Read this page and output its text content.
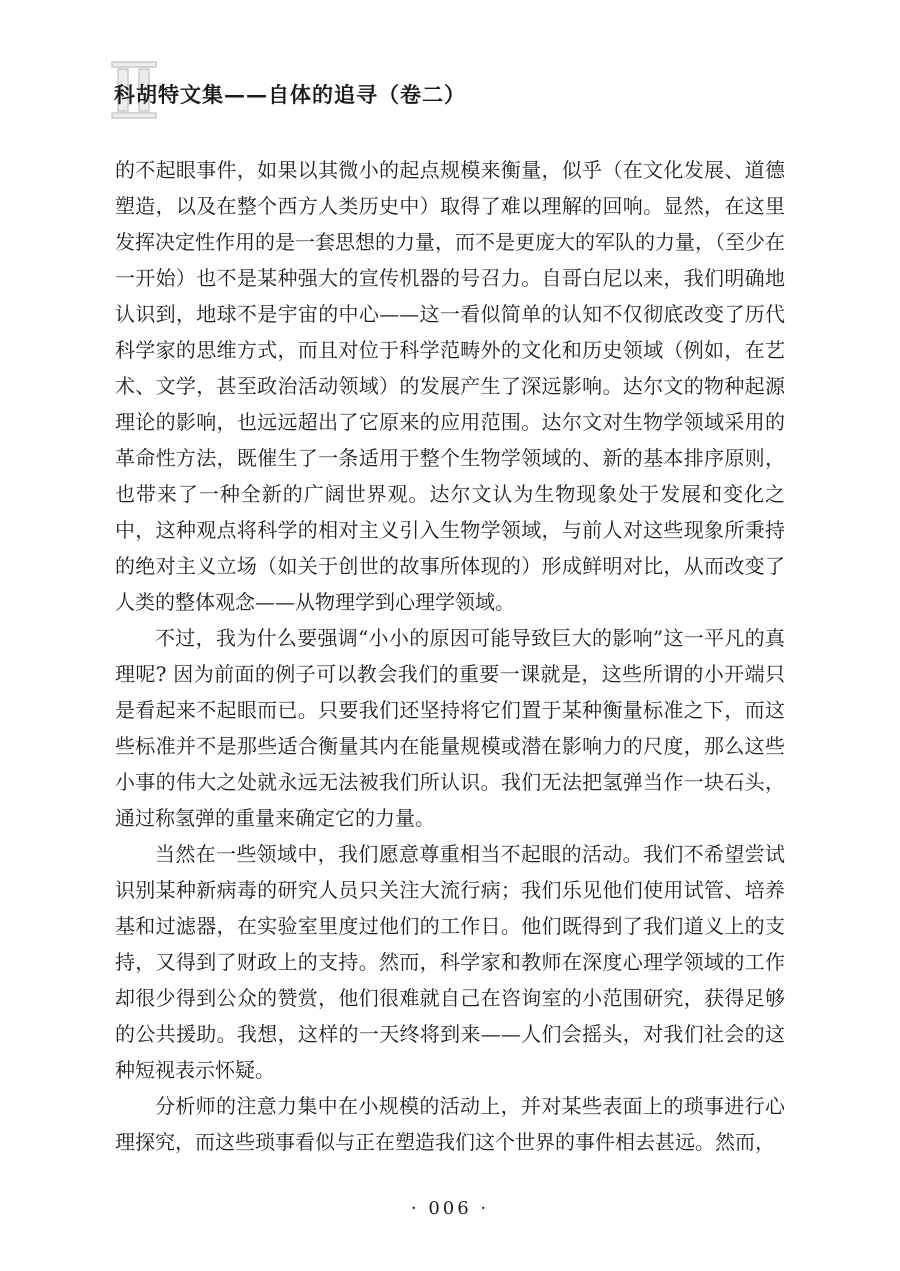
科胡特文集——自体的追寻（卷二）

的不起眼事件，如果以其微小的起点规模来衡量，似乎（在文化发展、道德塑造，以及在整个西方人类历史中）取得了难以理解的回响。显然，在这里发挥决定性作用的是一套思想的力量，而不是更庞大的军队的力量，（至少在一开始）也不是某种强大的宣传机器的号召力。自哥白尼以来，我们明确地认识到，地球不是宇宙的中心——这一看似简单的认知不仅彻底改变了历代科学家的思维方式，而且对位于科学范畴外的文化和历史领域（例如，在艺术、文学，甚至政治活动领域）的发展产生了深远影响。达尔文的物种起源理论的影响，也远远超出了它原来的应用范围。达尔文对生物学领域采用的革命性方法，既催生了一条适用于整个生物学领域的、新的基本排序原则，也带来了一种全新的广阔世界观。达尔文认为生物现象处于发展和变化之中，这种观点将科学的相对主义引入生物学领域，与前人对这些现象所秉持的绝对主义立场（如关于创世的故事所体现的）形成鲜明对比，从而改变了人类的整体观念——从物理学到心理学领域。

不过，我为什么要强调“小小的原因可能导致巨大的影响”这一平凡的真理呢? 因为前面的例子可以教会我们的重要一课就是，这些所谓的小开端只是看起来不起眼而已。只要我们还坚持将它们置于某种衡量标准之下，而这些标准并不是那些适合衡量其内在能量规模或潜在影响力的尺度，那么这些小事的伟大之处就永远无法被我们所认识。我们无法把氢弹当作一块石头，通过称氢弹的重量来确定它的力量。

当然在一些领域中，我们愿意尊重相当不起眼的活动。我们不希望尝试识别某种新病毒的研究人员只关注大流行病；我们乐见他们使用试管、培养基和过滤器，在实验室里度过他们的工作日。他们既得到了我们道义上的支持，又得到了财政上的支持。然而，科学家和教师在深度心理学领域的工作却很少得到公众的赞赏，他们很难就自己在咨询室的小范围研究，获得足够的公共援助。我想，这样的一天终将到来——人们会摇头，对我们社会的这种短视表示怀疑。

分析师的注意力集中在小规模的活动上，并对某些表面上的琐事进行心理探究，而这些琐事看似与正在塑造我们这个世界的事件相去甚远。然而，

· 006 ·
